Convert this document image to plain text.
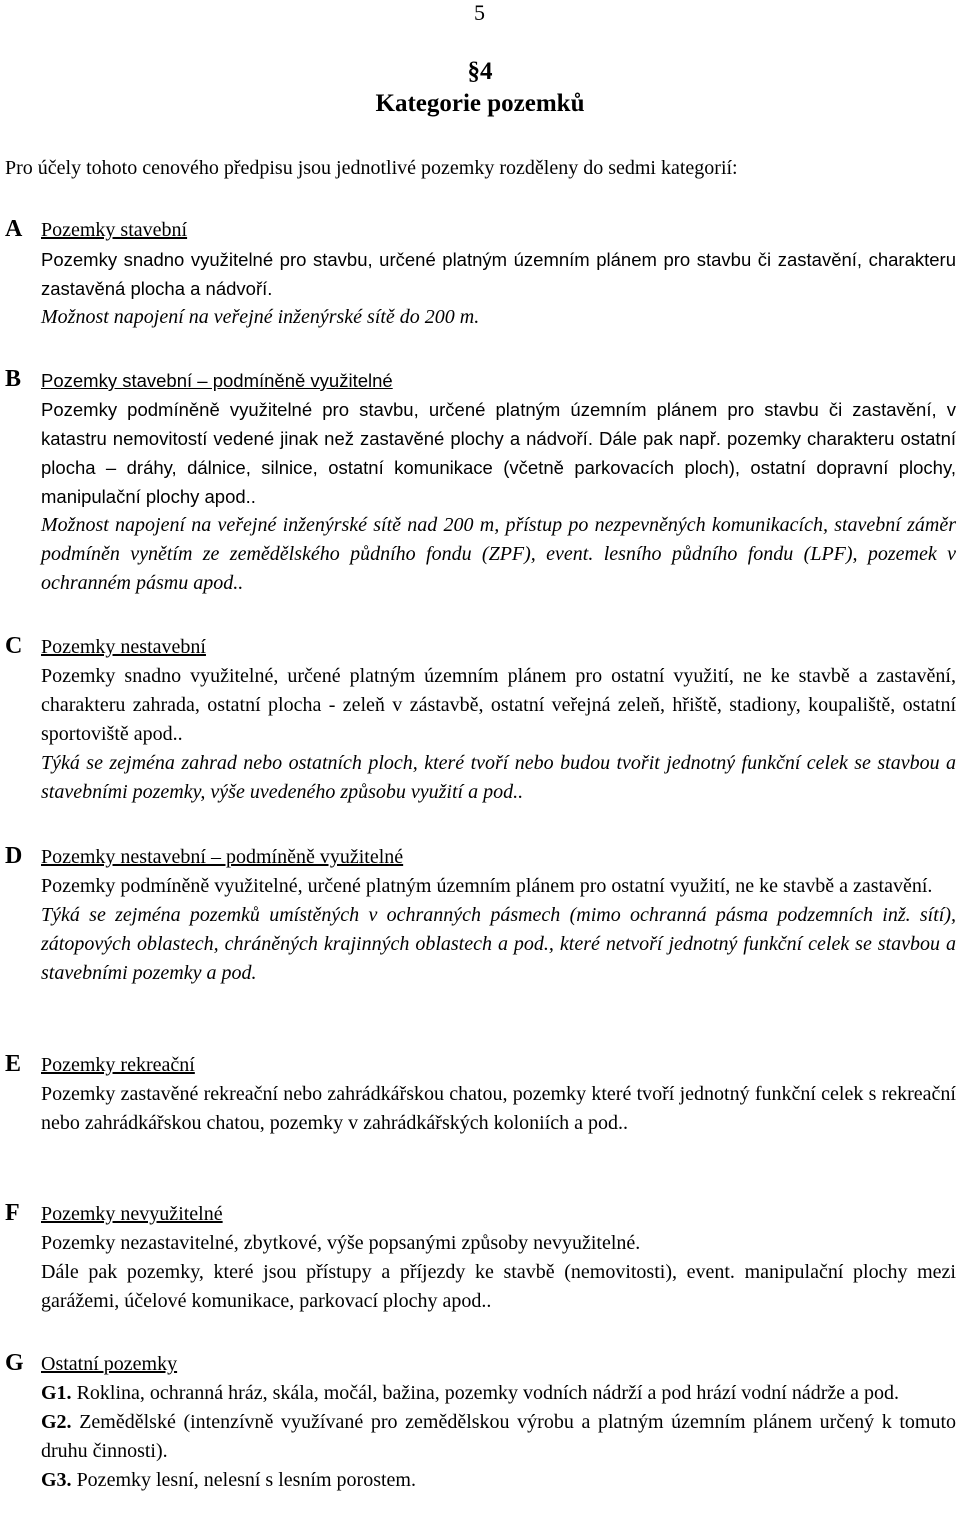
5
§4
Kategorie pozemků

Pro účely tohoto cenového předpisu jsou jednotlivé pozemky rozděleny do sedmi kategorií:

A Pozemky stavební

Pozemky snadno využitelné pro stavbu, určené platným územním plánem pro stavbu či zastavění, charakteru zastavěná plocha a nádvoří.

Možnost napojení na veřejné inženýrské sítě do 200 m.

B Pozemky stavební – podmíněně využitelné

Pozemky podmíněně využitelné pro stavbu, určené platným územním plánem pro stavbu či zastavění, v katastru nemovitostí vedené jinak než zastavěné plochy a nádvoří. Dále pak např. pozemky charakteru ostatní plocha – dráhy, dálnice, silnice, ostatní komunikace (včetně parkovacích ploch), ostatní dopravní plochy, manipulační plochy apod..

Možnost napojení na veřejné inženýrské sítě nad 200 m, přístup po nezpevněných komunikacích, stavební záměr podmíněn vynětím ze zemědělského půdního fondu (ZPF), event. lesního půdního fondu (LPF), pozemek v ochranném pásmu apod..

C Pozemky nestavební

Pozemky snadno využitelné, určené platným územním plánem pro ostatní využití, ne ke stavbě a zastavění, charakteru zahrada, ostatní plocha - zeleň v zástavbě, ostatní veřejná zeleň, hřiště, stadiony, koupaliště, ostatní sportoviště apod..

Týká se zejména zahrad nebo ostatních ploch, které tvoří nebo budou tvořit jednotný funkční celek se stavbou a stavebními pozemky, výše uvedeného způsobu využití a pod..

D Pozemky nestavební – podmíněně využitelné

Pozemky podmíněně využitelné, určené platným územním plánem pro ostatní využití, ne ke stavbě a zastavění.

Týká se zejména pozemků umístěných v ochranných pásmech (mimo ochranná pásma podzemních inž. sítí), zátopových oblastech, chráněných krajinných oblastech a pod., které netvoří jednotný funkční celek se stavbou a stavebními pozemky a pod.

E Pozemky rekreační

Pozemky zastavěné rekreační nebo zahrádkářskou chatou, pozemky které tvoří jednotný funkční celek s rekreační nebo zahrádkářskou chatou, pozemky v zahrádkářských koloniích a pod..

F Pozemky nevyužitelné

Pozemky nezastavitelné, zbytkové, výše popsanými způsoby nevyužitelné.

Dále pak pozemky, které jsou přístupy a příjezdy ke stavbě (nemovitosti), event. manipulační plochy mezi garážemi, účelové komunikace, parkovací plochy apod..

G Ostatní pozemky

G1. Roklina, ochranná hráz, skála, močál, bažina, pozemky vodních nádrží a pod hrází vodní nádrže a pod.

G2. Zemědělské (intenzívně využívané pro zemědělskou výrobu a platným územním plánem určený k tomuto druhu činnosti).

G3. Pozemky lesní, nelesní s lesním porostem.
